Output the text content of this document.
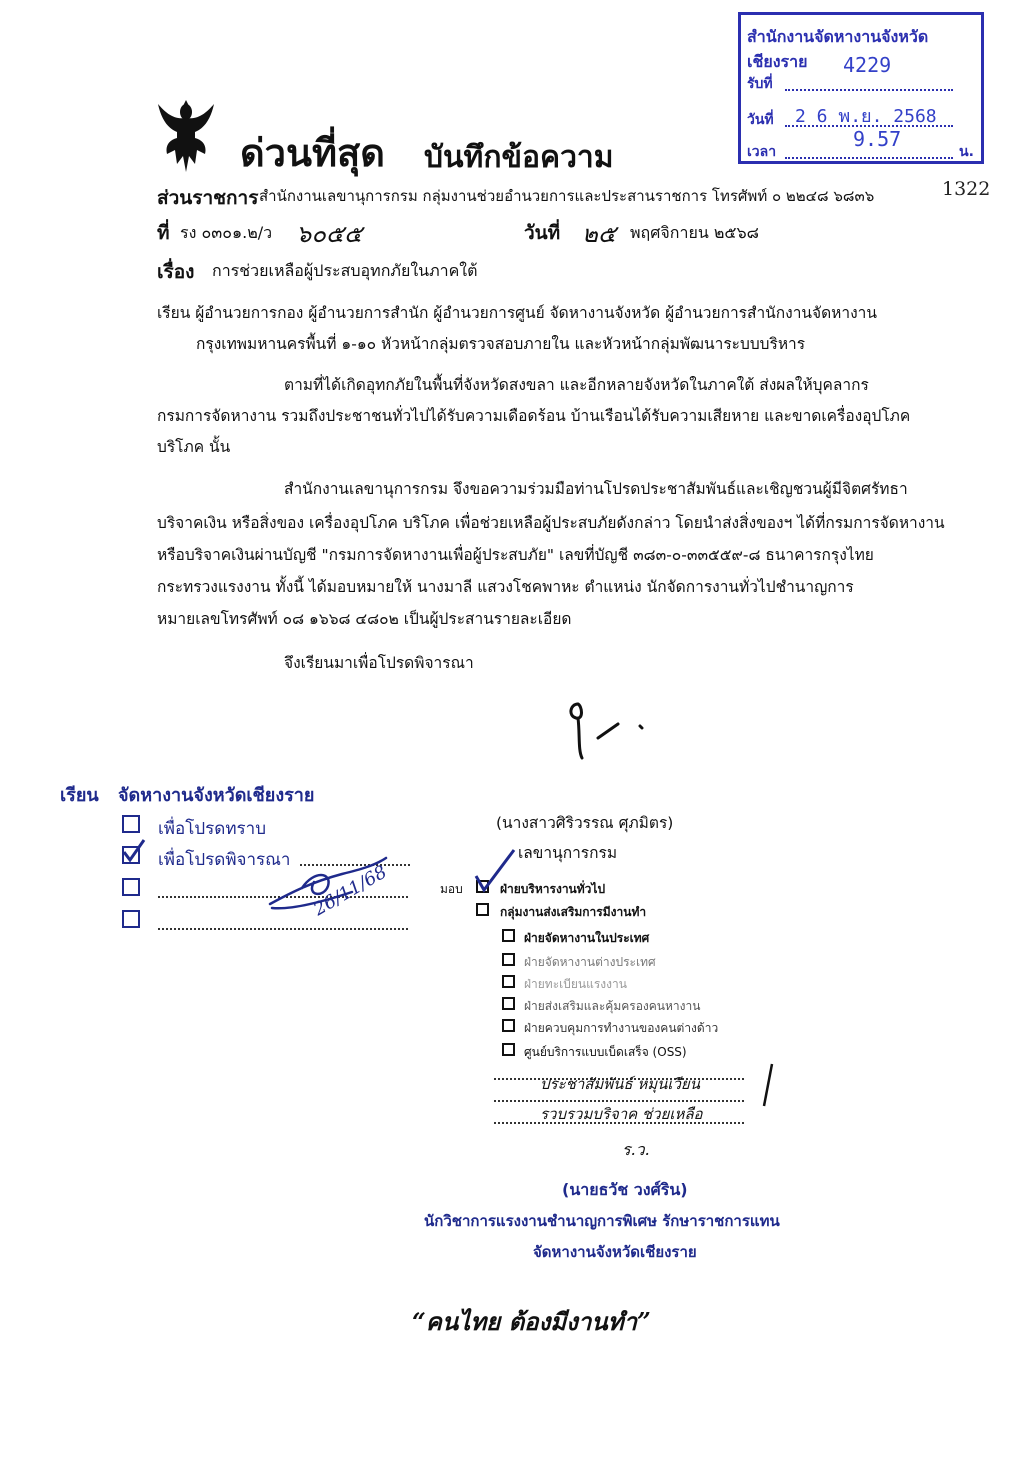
สำนักงานจัดหางานจังหวัดเชียงราย
รับที่
4229
วันที่ 2 6 พ.ย. 2568
เวลา
9.57
น.
1322
ด่วนที่สุด บันทึกข้อความ
ส่วนราชการ สำนักงานเลขานุการกรม กลุ่มงานช่วยอำนวยการและประสานราชการ โทรศัพท์ ๐ ๒๒๔๘ ๖๘๓๖
ที่ รง ๐๓๐๑.๒/ว ๖๐๕๕	วันที่ ๒๕ พฤศจิกายน ๒๕๖๘
เรื่อง การช่วยเหลือผู้ประสบอุทกภัยในภาคใต้
เรียน ผู้อำนวยการกอง ผู้อำนวยการสำนัก ผู้อำนวยการศูนย์ จัดหางานจังหวัด ผู้อำนวยการสำนักงานจัดหางาน
กรุงเทพมหานครพื้นที่ ๑-๑๐ หัวหน้ากลุ่มตรวจสอบภายใน และหัวหน้ากลุ่มพัฒนาระบบบริหาร
ตามที่ได้เกิดอุทกภัยในพื้นที่จังหวัดสงขลา และอีกหลายจังหวัดในภาคใต้ ส่งผลให้บุคลากร
กรมการจัดหางาน รวมถึงประชาชนทั่วไปได้รับความเดือดร้อน บ้านเรือนได้รับความเสียหาย และขาดเครื่องอุปโภค
บริโภค นั้น
สำนักงานเลขานุการกรม จึงขอความร่วมมือท่านโปรดประชาสัมพันธ์และเชิญชวนผู้มีจิตศรัทธา
บริจาคเงิน หรือสิ่งของ เครื่องอุปโภค บริโภค เพื่อช่วยเหลือผู้ประสบภัยดังกล่าว โดยนำส่งสิ่งของฯ ได้ที่กรมการจัดหางาน
หรือบริจาคเงินผ่านบัญชี "กรมการจัดหางานเพื่อผู้ประสบภัย" เลขที่บัญชี ๓๘๓-๐-๓๓๕๕๙-๘ ธนาคารกรุงไทย
กระทรวงแรงงาน ทั้งนี้ ได้มอบหมายให้ นางมาลี แสวงโชคพาหะ ตำแหน่ง นักจัดการงานทั่วไปชำนาญการ
หมายเลขโทรศัพท์ ๐๘ ๑๖๖๘ ๔๘๐๒ เป็นผู้ประสานรายละเอียด
จึงเรียนมาเพื่อโปรดพิจารณา
(นางสาวศิริวรรณ ศุภมิตร)
เลขานุการกรม
เรียน จัดหางานจังหวัดเชียงราย
เพื่อโปรดทราบ
เพื่อโปรดพิจารณา
26/11/68	มอบ	ฝ่ายบริหารงานทั่วไป
กลุ่มงานส่งเสริมการมีงานทำ
ฝ่ายจัดหางานในประเทศ
ฝ่ายจัดหางานต่างประเทศ
ฝ่ายทะเบียนแรงงาน
ฝ่ายส่งเสริมและคุ้มครองคนหางาน
ฝ่ายควบคุมการทำงานของคนต่างด้าว
ศูนย์บริการแบบเบ็ดเสร็จ (OSS)
ประชาสัมพันธ์ หมุนเวียน
รวบรวมบริจาค ช่วยเหลือ
ร.ว.
(นายธวัช วงศ์ริน)
นักวิชาการแรงงานชำนาญการพิเศษ รักษาราชการแทน
จัดหางานจังหวัดเชียงราย
“คนไทย ต้องมีงานทำ”
